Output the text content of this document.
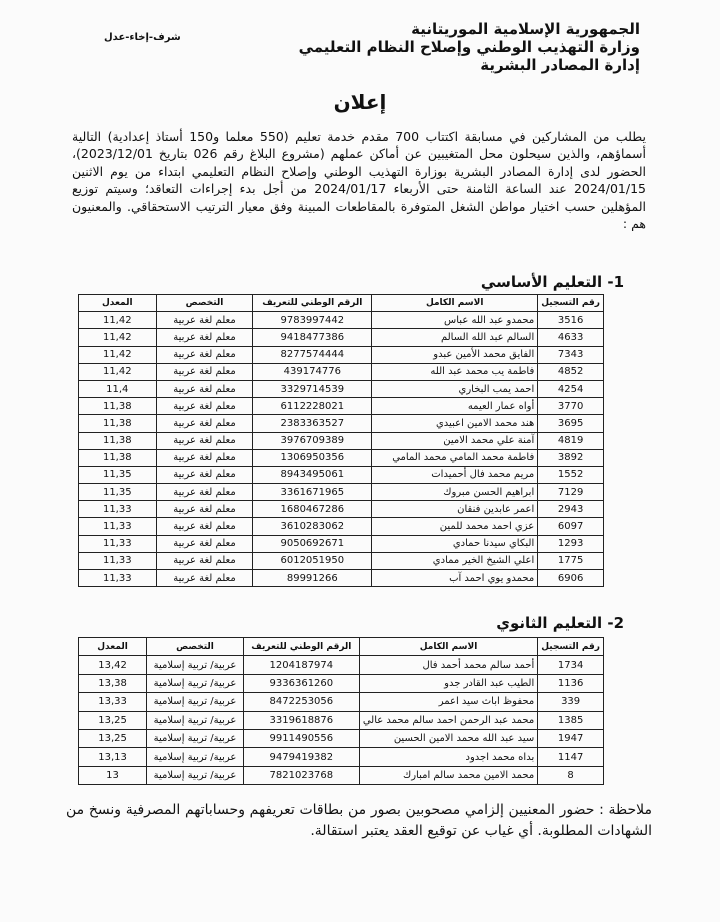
شرف-إخاء-عدل	الجمهورية الإسلامية الموريتانية
وزارة التهذيب الوطني وإصلاح النظام التعليمي
إدارة المصادر البشرية
إعلان
يطلب من المشاركين في مسابقة اكتتاب 700 مقدم خدمة تعليم (550 معلما و150 أستاذ إعدادية) التالية أسماؤهم، والذين سيحلون محل المتغيبين عن أماكن عملهم (مشروع البلاغ رقم 026 بتاريخ 2023/12/01)، الحضور لدى إدارة المصادر البشرية بوزارة التهذيب الوطني وإصلاح النظام التعليمي ابتداء من يوم الاثنين 2024/01/15 عند الساعة الثامنة حتى الأربعاء 2024/01/17 من أجل بدء إجراءات التعاقد؛ وسيتم توزيع المؤهلين حسب اختيار مواطن الشغل المتوفرة بالمقاطعات المبينة وفق معيار الترتيب الاستحقاقي. والمعنيون هم :
1- التعليم الأساسي
رقم التسجيل	الاسم الكامل	الرقم الوطني للتعريف	التخصص	المعدل
3516	محمدو عبد الله عباس	9783997442	معلم لغة عربية	11,42
4633	السالم عبد الله السالم	9418477386	معلم لغة عربية	11,42
7343	الفايق محمد الأمين عبدو	8277574444	معلم لغة عربية	11,42
4852	فاطمة يب محمد عبد الله	439174776	معلم لغة عربية	11,42
4254	احمد يمب البخاري	3329714539	معلم لغة عربية	11,4
3770	أواه عمار العيمه	6112228021	معلم لغة عربية	11,38
3695	هند محمد الامين اعبيدي	2383363527	معلم لغة عربية	11,38
4819	آمنة علي محمد الامين	3976709389	معلم لغة عربية	11,38
3892	فاطمة محمد المامي محمد المامي	1306950356	معلم لغة عربية	11,38
1552	مريم محمد فال أحميدات	8943495061	معلم لغة عربية	11,35
7129	ابراهيم الحسن مبروك	3361671965	معلم لغة عربية	11,35
2943	اعمر عابدين فنقان	1680467286	معلم لغة عربية	11,33
6097	عزي احمد محمد للمين	3610283062	معلم لغة عربية	11,33
1293	البكاي سيدنا حمادي	9050692671	معلم لغة عربية	11,33
1775	اعلي الشيخ الخير ممادي	6012051950	معلم لغة عربية	11,33
6906	محمدو يوي احمد آب	89991266	معلم لغة عربية	11,33
2- التعليم الثانوي
رقم التسجيل	الاسم الكامل	الرقم الوطني للتعريف	التخصص	المعدل
1734	أحمد سالم محمد أحمد فال	1204187974	عربية/ تربية إسلامية	13,42
1136	الطيب عبد القادر جدو	9336361260	عربية/ تربية إسلامية	13,38
339	محفوظ اباث سيد اعمر	8472253056	عربية/ تربية إسلامية	13,33
1385	محمد عبد الرحمن احمد سالم محمد عالي	3319618876	عربية/ تربية إسلامية	13,25
1947	سيد عبد الله محمد الامين الحسين	9911490556	عربية/ تربية إسلامية	13,25
1147	بداه محمد اجدود	9479419382	عربية/ تربية إسلامية	13,13
8	محمد الامين محمد سالم امبارك	7821023768	عربية/ تربية إسلامية	13
ملاحظة : حضور المعنيين إلزامي مصحوبين بصور من بطاقات تعريفهم وحساباتهم المصرفية ونسخ من الشهادات المطلوبة. أي غياب عن توقيع العقد يعتبر استقالة.
